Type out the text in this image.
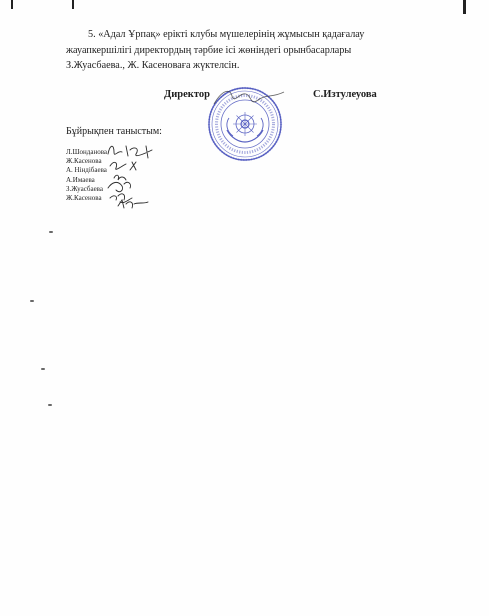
5. «Адал Ұрпақ» ерікті клубы мүшелерінің жұмысын қадағалау
жауапкершілігі директордың тәрбие ісі жөніндегі орынбасарлары
З.Жуасбаева., Ж. Касеноваға жүктелсін.
Директор	С.Изтулеуова
Бұйрықпен таныстым:
Л.Шонданова
Ж.Касенова
А. Ніндібаева
А.Имаева
З.Жуасбаева
Ж.Касенова
